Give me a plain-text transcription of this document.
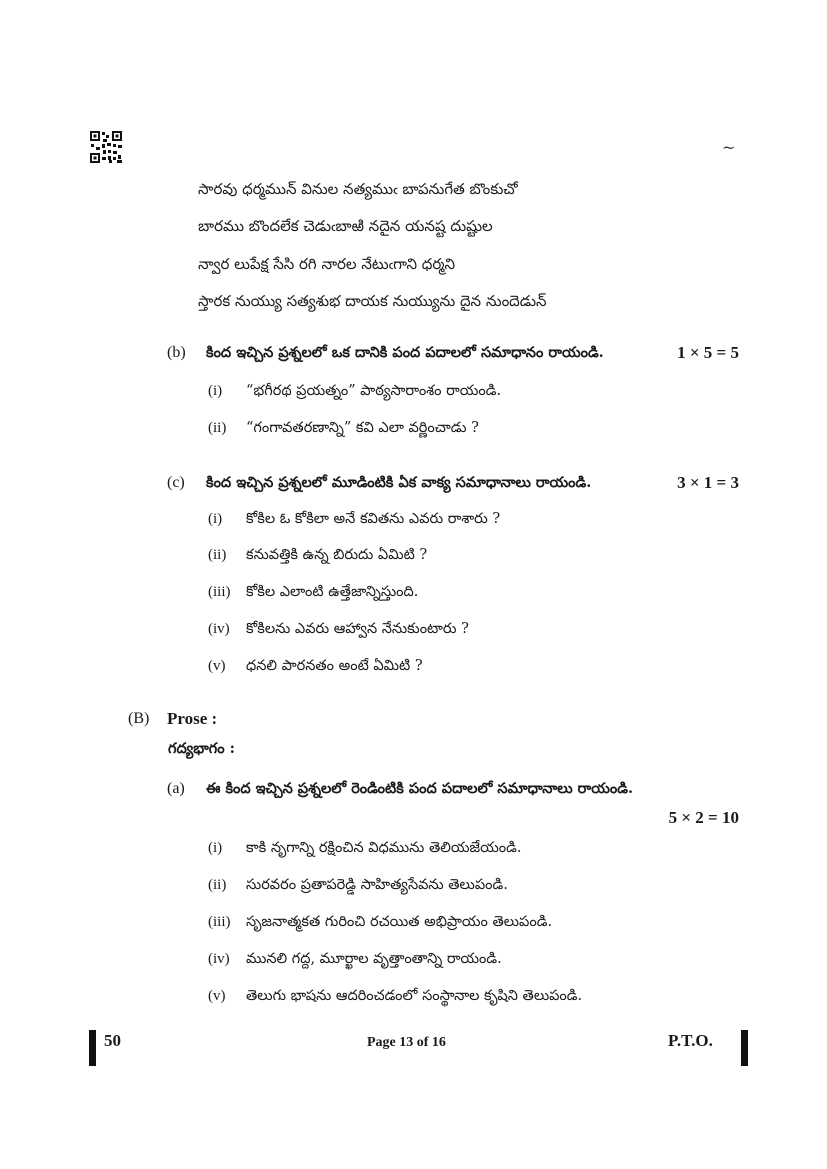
~
సారవు ధర్మమున్ వినుల నత్యముఁ బాపనుగేత బొంకుచో
బారము బొందలేక చెడుఁబాఱి నదైన యనష్ట దుష్టుల
న్వార లుపేక్ష సేసి రగి నారల నేటుఁగాని ధర్మని
స్తారక నుయ్యు సత్యశుభ దాయక నుయ్యును దైన నుందెడున్
(b) కింద ఇచ్చిన ప్రశ్నలలో ఒక దానికి పంద పదాలలో సమాధానం రాయండి.	1 × 5 = 5
(i) “భగీరథ ప్రయత్నం” పాఠ్యసారాంశం రాయండి.
(ii) “గంగావతరణాన్ని” కవి ఎలా వర్ణించాడు ?
(c) కింద ఇచ్చిన ప్రశ్నలలో మూడింటికి ఏక వాక్య సమాధానాలు రాయండి.	3 × 1 = 3
(i) కోకిల ఓ కోకిలా అనే కవితను ఎవరు రాశారు ?
(ii) కనువత్తికి ఉన్న బిరుదు ఏమిటి ?
(iii) కోకిల ఎలాంటి ఉత్తేజాన్నిస్తుంది.
(iv) కోకిలను ఎవరు ఆహ్వాన నేనుకుంటారు ?
(v) ధనలి పారనతం అంటే ఏమిటి ?
(B) Prose :
గద్యభాగం :
(a) ఈ కింద ఇచ్చిన ప్రశ్నలలో రెండింటికి పంద పదాలలో సమాధానాలు రాయండి.
5 × 2 = 10
(i) కాకి నృగాన్ని రక్షించిన విధమును తెలియజేయండి.
(ii) సురవరం ప్రతాపరెడ్డి సాహిత్యసేవను తెలుపండి.
(iii) సృజనాత్మకత గురించి రచయిత అభిప్రాయం తెలుపండి.
(iv) మునలి గద్ద, మూర్ఖాల వృత్తాంతాన్ని రాయండి.
(v) తెలుగు భాషను ఆదరించడంలో సంస్థానాల కృషిని తెలుపండి.
50	Page 13 of 16	P.T.O.
